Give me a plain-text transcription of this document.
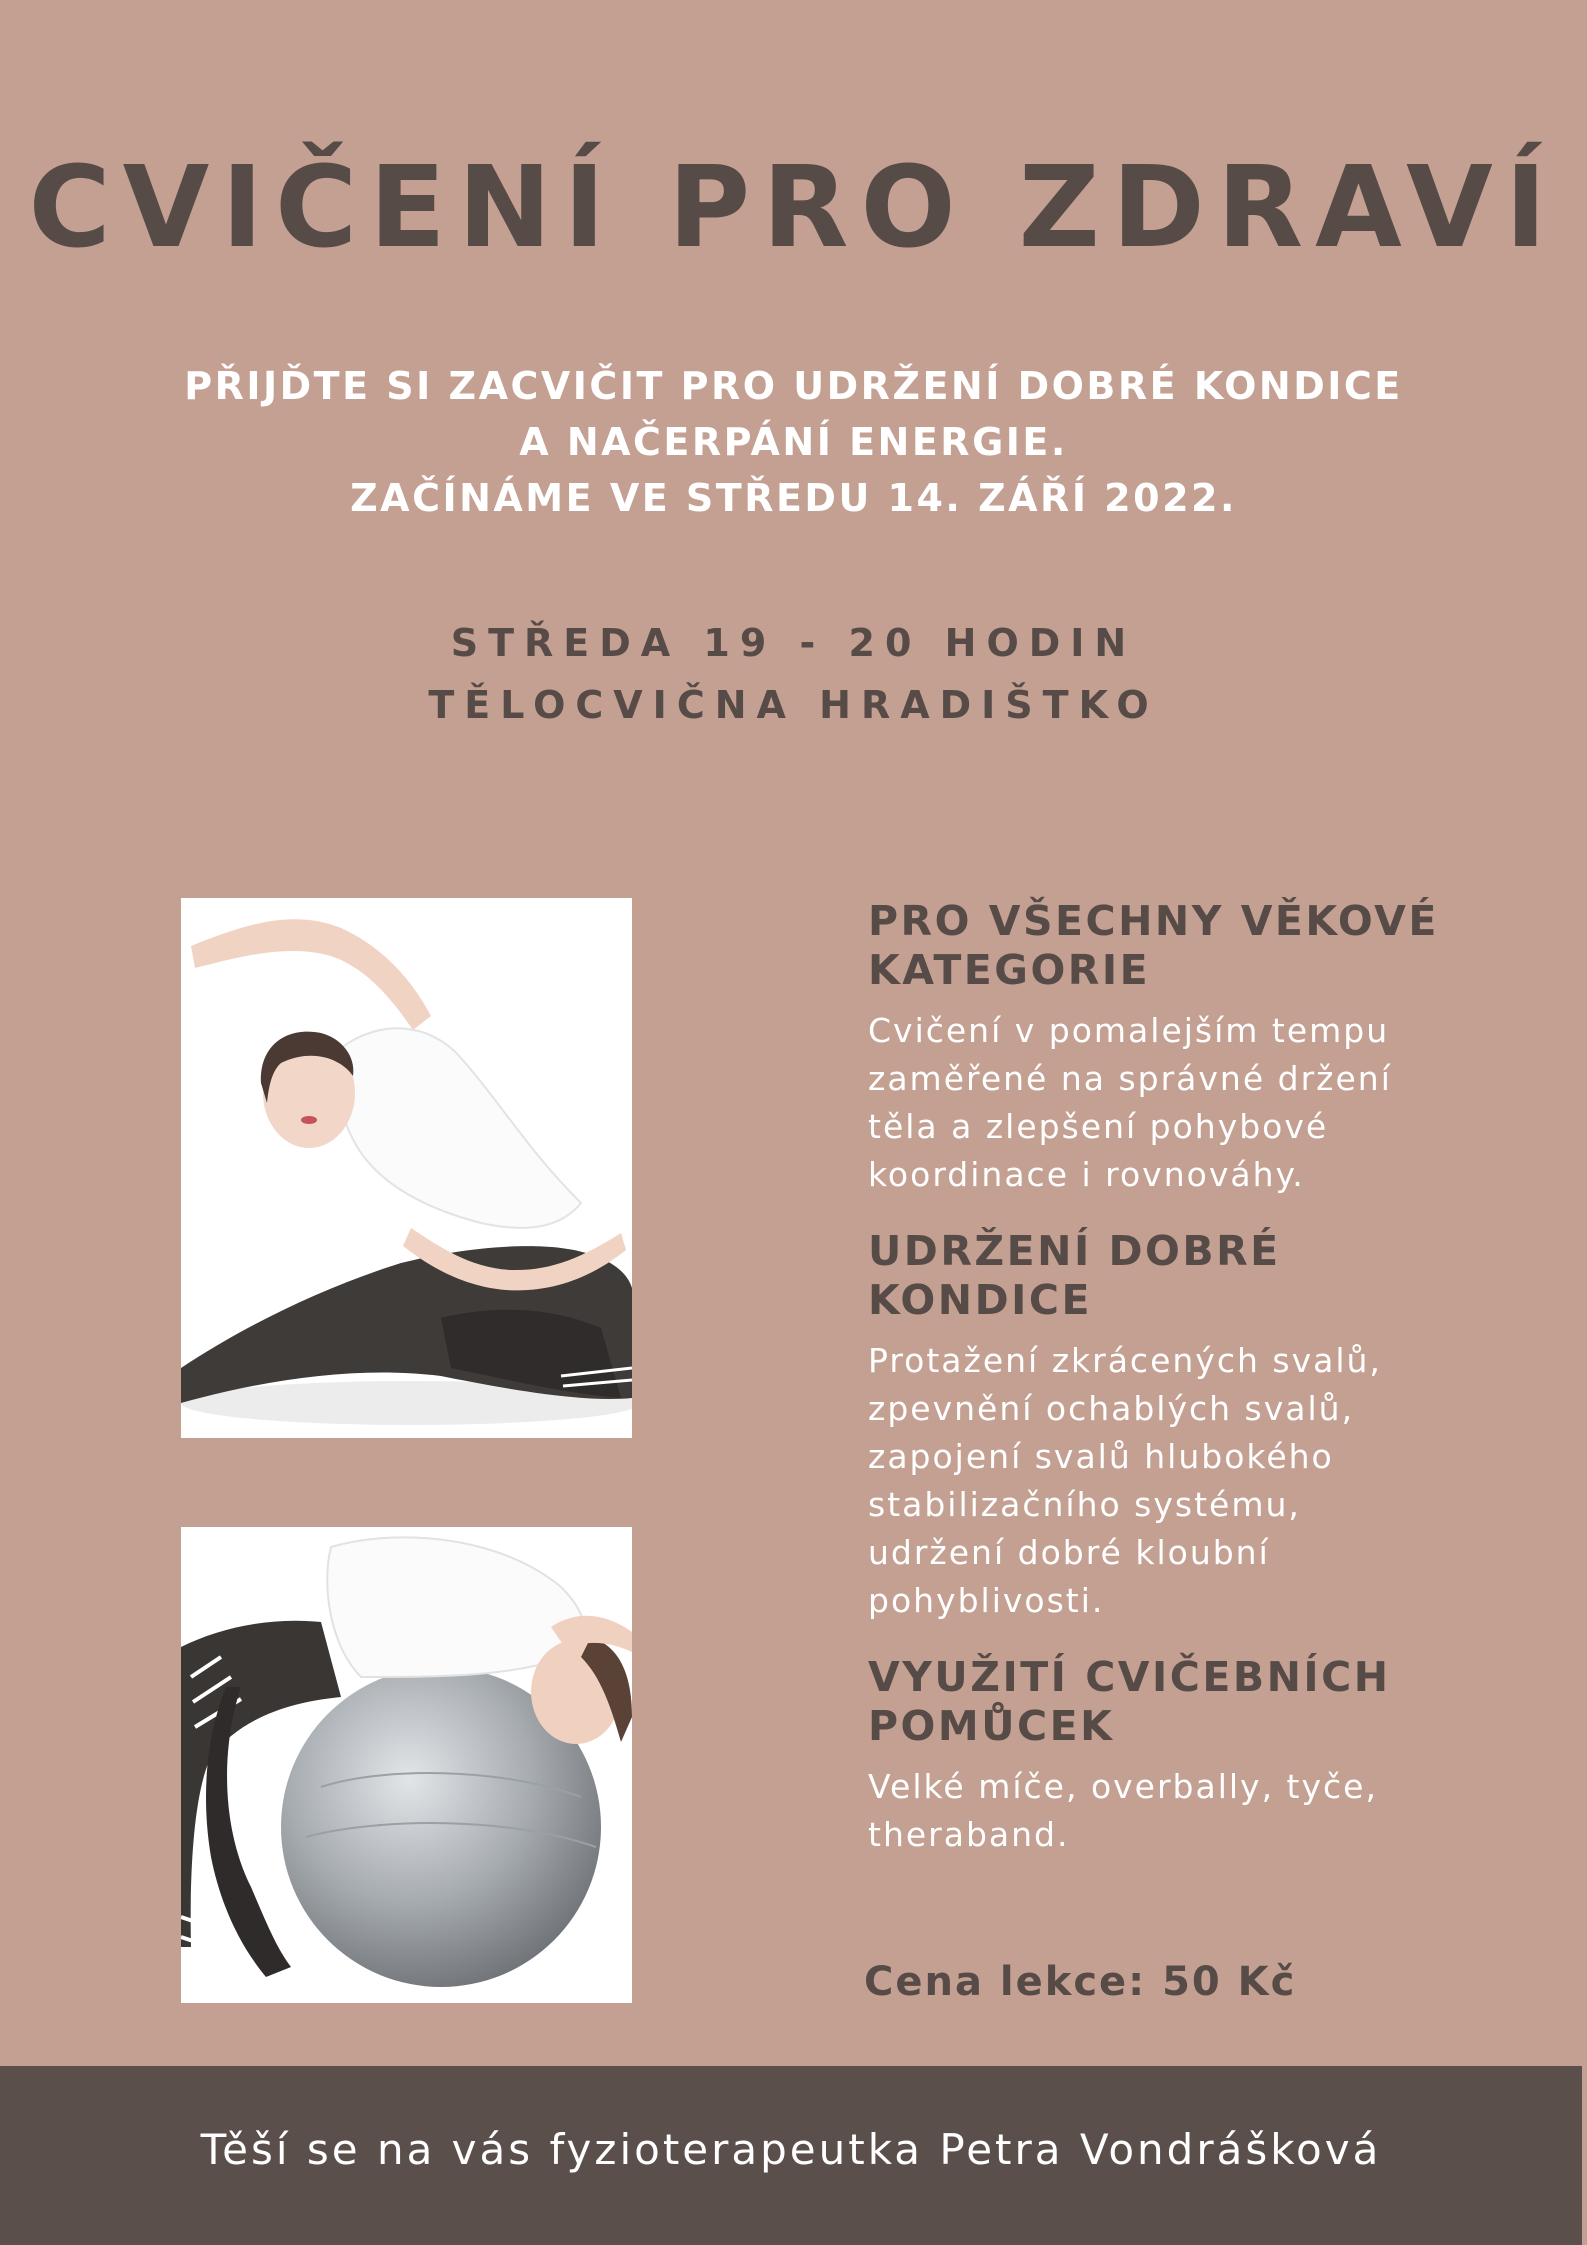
CVIČENÍ PRO ZDRAVÍ
PŘIJĎTE SI ZACVIČIT PRO UDRŽENÍ DOBRÉ KONDICE
A NAČERPÁNÍ ENERGIE.
ZAČÍNÁME VE STŘEDU 14. ZÁŘÍ 2022.
STŘEDA 19 - 20 HODIN
TĚLOCVIČNA HRADIŠTKO
PRO VŠECHNY VĚKOVÉ
KATEGORIE
Cvičení v pomalejším tempu
zaměřené na správné držení
těla a zlepšení pohybové
koordinace i rovnováhy.
UDRŽENÍ DOBRÉ
KONDICE
Protažení zkrácených svalů,
zpevnění ochablých svalů,
zapojení svalů hlubokého
stabilizačního systému,
udržení dobré kloubní
pohyblivosti.
VYUŽITÍ CVIČEBNÍCH
POMŮCEK
Velké míče, overbally, tyče,
theraband.
Cena lekce: 50 Kč
Těší se na vás fyzioterapeutka Petra Vondrášková
